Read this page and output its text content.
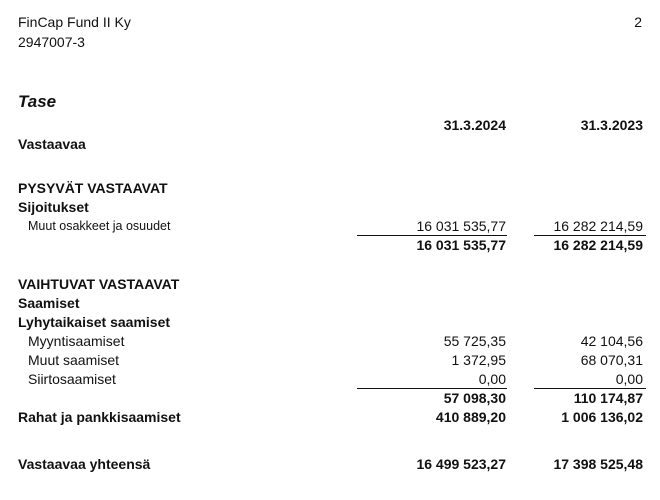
FinCap Fund II Ky
2947007-3
2
Tase
31.3.2024	31.3.2023
Vastaavaa
PYSYVÄT VASTAAVAT
Sijoitukset
Muut osakkeet ja osuudet	16 031 535,77	16 282 214,59
16 031 535,77	16 282 214,59
VAIHTUVAT VASTAAVAT
Saamiset
Lyhytaikaiset saamiset
Myyntisaamiset	55 725,35	42 104,56
Muut saamiset	1 372,95	68 070,31
Siirtosaamiset	0,00	0,00
57 098,30	110 174,87
Rahat ja pankkisaamiset	410 889,20	1 006 136,02
Vastaavaa yhteensä	16 499 523,27	17 398 525,48
